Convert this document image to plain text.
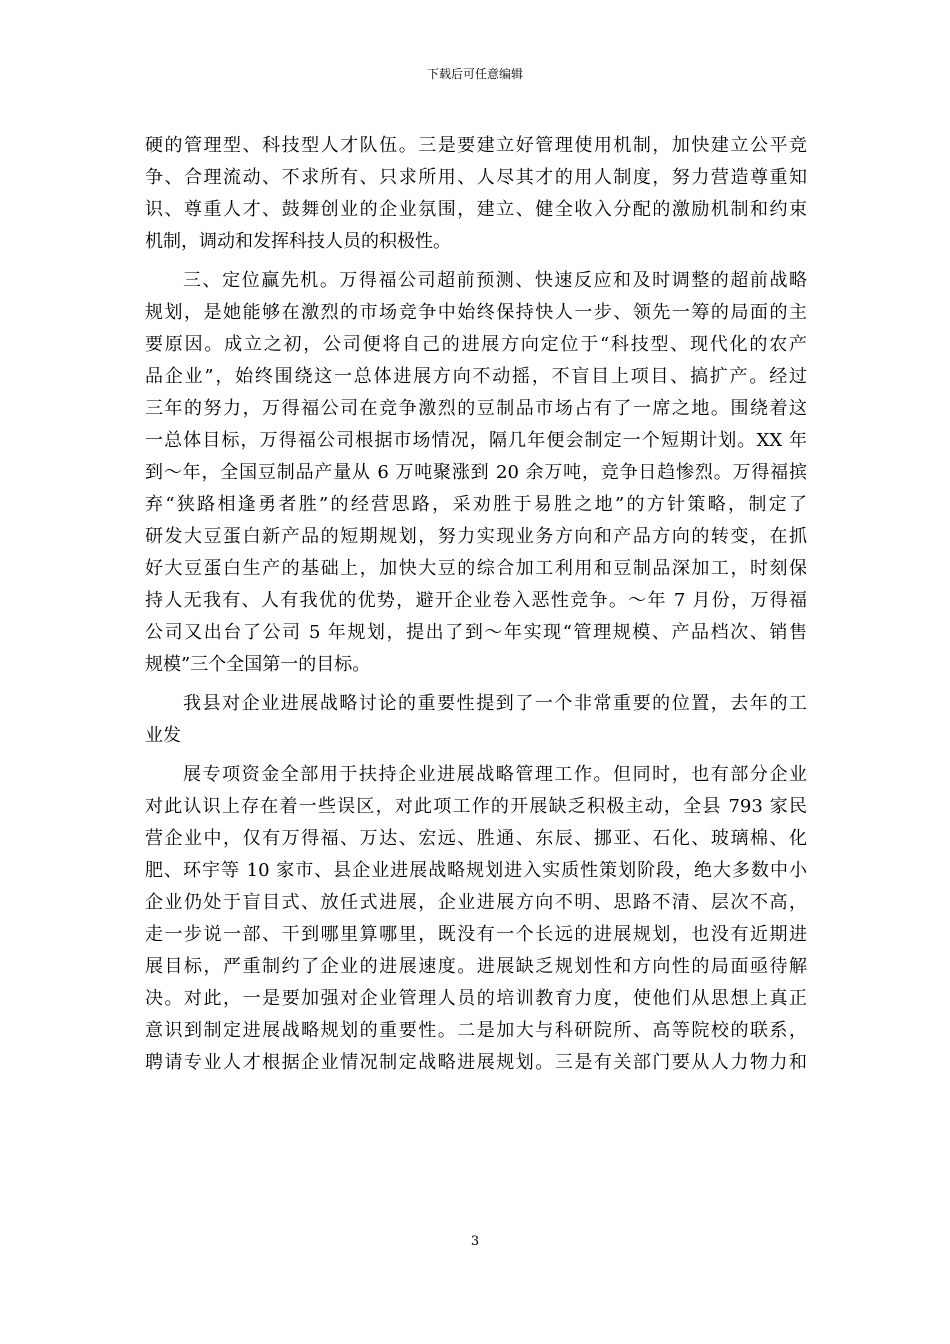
下载后可任意编辑
硬的管理型、科技型人才队伍。三是要建立好管理使用机制，加快建立公平竞
争、合理流动、不求所有、只求所用、人尽其才的用人制度，努力营造尊重知
识、尊重人才、鼓舞创业的企业氛围，建立、健全收入分配的激励机制和约束
机制，调动和发挥科技人员的积极性。
三、定位赢先机。万得福公司超前预测、快速反应和及时调整的超前战略
规划，是她能够在激烈的市场竞争中始终保持快人一步、领先一筹的局面的主
要原因。成立之初，公司便将自己的进展方向定位于“科技型、现代化的农产
品企业”，始终围绕这一总体进展方向不动摇，不盲目上项目、搞扩产。经过
三年的努力，万得福公司在竞争激烈的豆制品市场占有了一席之地。围绕着这
一总体目标，万得福公司根据市场情况，隔几年便会制定一个短期计划。XX 年
到～年，全国豆制品产量从 6 万吨聚涨到 20 余万吨，竞争日趋惨烈。万得福摈
弃“狭路相逢勇者胜”的经营思路，采劝胜于易胜之地”的方针策略，制定了
研发大豆蛋白新产品的短期规划，努力实现业务方向和产品方向的转变，在抓
好大豆蛋白生产的基础上，加快大豆的综合加工利用和豆制品深加工，时刻保
持人无我有、人有我优的优势，避开企业卷入恶性竞争。～年 7 月份，万得福
公司又出台了公司 5 年规划，提出了到～年实现“管理规模、产品档次、销售
规模”三个全国第一的目标。
我县对企业进展战略讨论的重要性提到了一个非常重要的位置，去年的工
业发
展专项资金全部用于扶持企业进展战略管理工作。但同时，也有部分企业
对此认识上存在着一些误区，对此项工作的开展缺乏积极主动，全县 793 家民
营企业中，仅有万得福、万达、宏远、胜通、东辰、挪亚、石化、玻璃棉、化
肥、环宇等 10 家市、县企业进展战略规划进入实质性策划阶段，绝大多数中小
企业仍处于盲目式、放任式进展，企业进展方向不明、思路不清、层次不高，
走一步说一部、干到哪里算哪里，既没有一个长远的进展规划，也没有近期进
展目标，严重制约了企业的进展速度。进展缺乏规划性和方向性的局面亟待解
决。对此，一是要加强对企业管理人员的培训教育力度，使他们从思想上真正
意识到制定进展战略规划的重要性。二是加大与科研院所、高等院校的联系，
聘请专业人才根据企业情况制定战略进展规划。三是有关部门要从人力物力和
3
